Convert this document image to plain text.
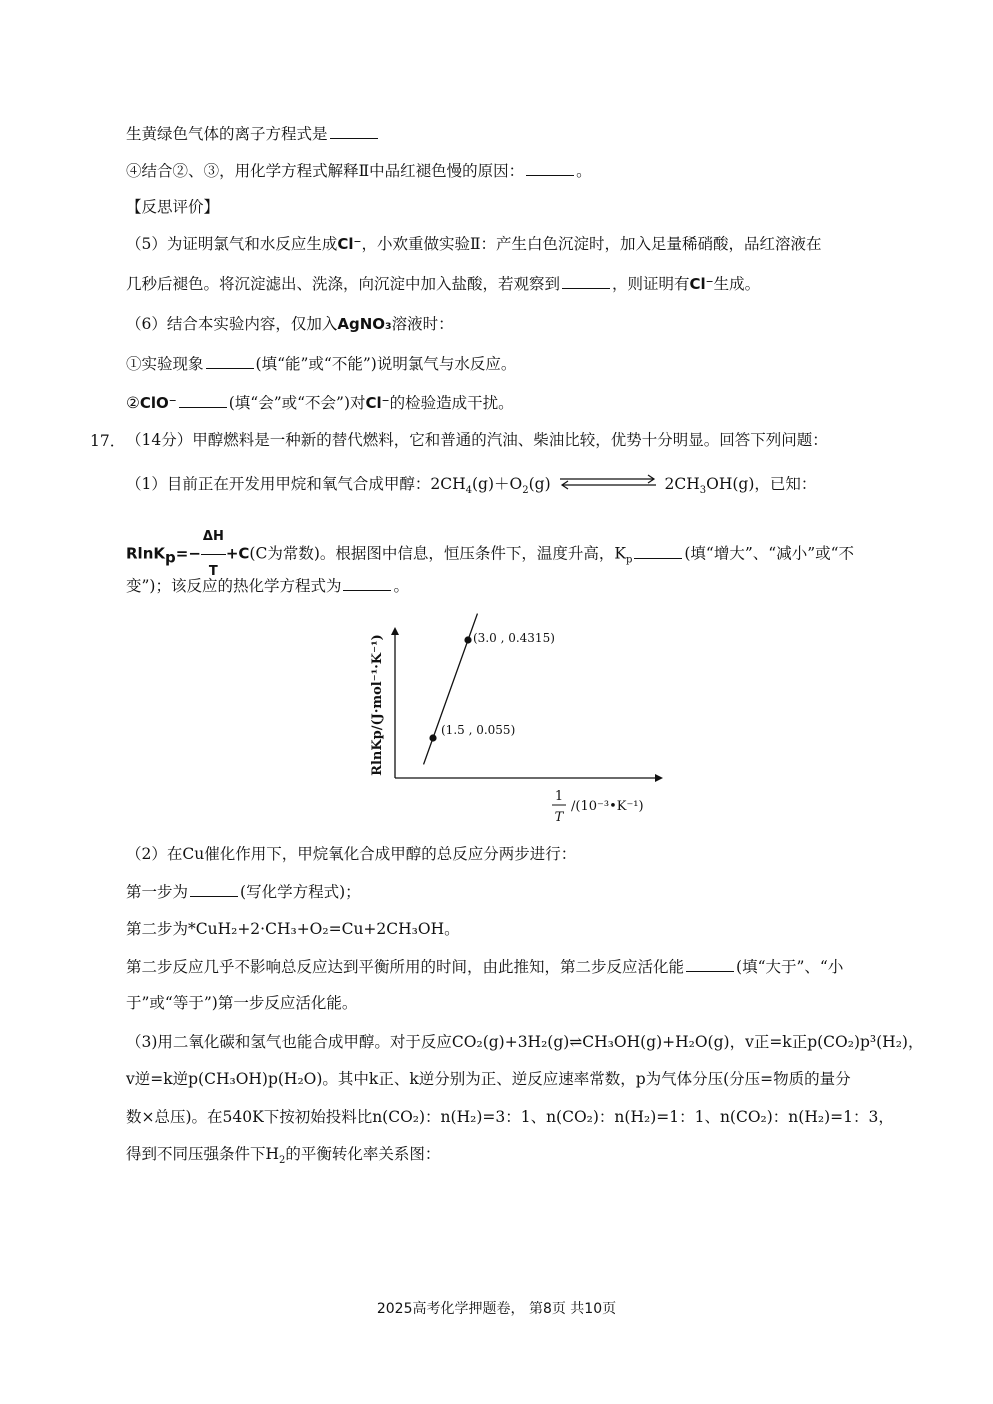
生黄绿色气体的离子方程式是
④结合②、③，用化学方程式解释Ⅱ中品红褪色慢的原因：	。
【反思评价】
（5）为证明氯气和水反应生成Cl⁻，小欢重做实验Ⅱ：产生白色沉淀时，加入足量稀硝酸，品红溶液在
几秒后褪色。将沉淀滤出、洗涤，向沉淀中加入盐酸，若观察到	，则证明有Cl⁻生成。
（6）结合本实验内容，仅加入AgNO₃溶液时：
①实验现象	(填“能”或“不能”)说明氯气与水反应。
②ClO⁻	(填“会”或“不会”)对Cl⁻的检验造成干扰。
17． （14分）甲醇燃料是一种新的替代燃料，它和普通的汽油、柴油比较，优势十分明显。回答下列问题：
（1）目前正在开发用甲烷和氧气合成甲醇：$2CH_4(g)+O_2(g)$	$2CH_3OH(g)$，已知：
$RlnK_p=- \frac{\Delta H}{T} +C(C$为常数)。根据图中信息，恒压条件下，温度升高，$K_p$	(填“增大”、“减小”或“不
变”)；该反应的热化学方程式为	。
RlnKp/(J·mol⁻¹·K⁻¹)	(1.5 , 0.055)
(3.0 , 0.4315)
1
T
/(10⁻³•K⁻¹)
（2）在Cu催化作用下，甲烷氧化合成甲醇的总反应分两步进行：
第一步为	(写化学方程式)；
第二步为*CuH₂+2·CH₃+O₂=Cu+2CH₃OH。
第二步反应几乎不影响总反应达到平衡所用的时间，由此推知，第二步反应活化能	(填“大于”、“小
于”或“等于”)第一步反应活化能。
（3)用二氧化碳和氢气也能合成甲醇。对于反应CO₂(g)+3H₂(g)⇌CH₃OH(g)+H₂O(g)，v正=k正p(CO₂)p³(H₂)，
v逆=k逆p(CH₃OH)p(H₂O)。其中k正、k逆分别为正、逆反应速率常数，p为气体分压(分压=物质的量分
数×总压)。在540K下按初始投料比n(CO₂)：n(H₂)=3：1、n(CO₂)：n(H₂)=1：1、n(CO₂)：n(H₂)=1：3，
得到不同压强条件下$H_2$的平衡转化率关系图：
2025高考化学押题卷， 第8页 共10页
